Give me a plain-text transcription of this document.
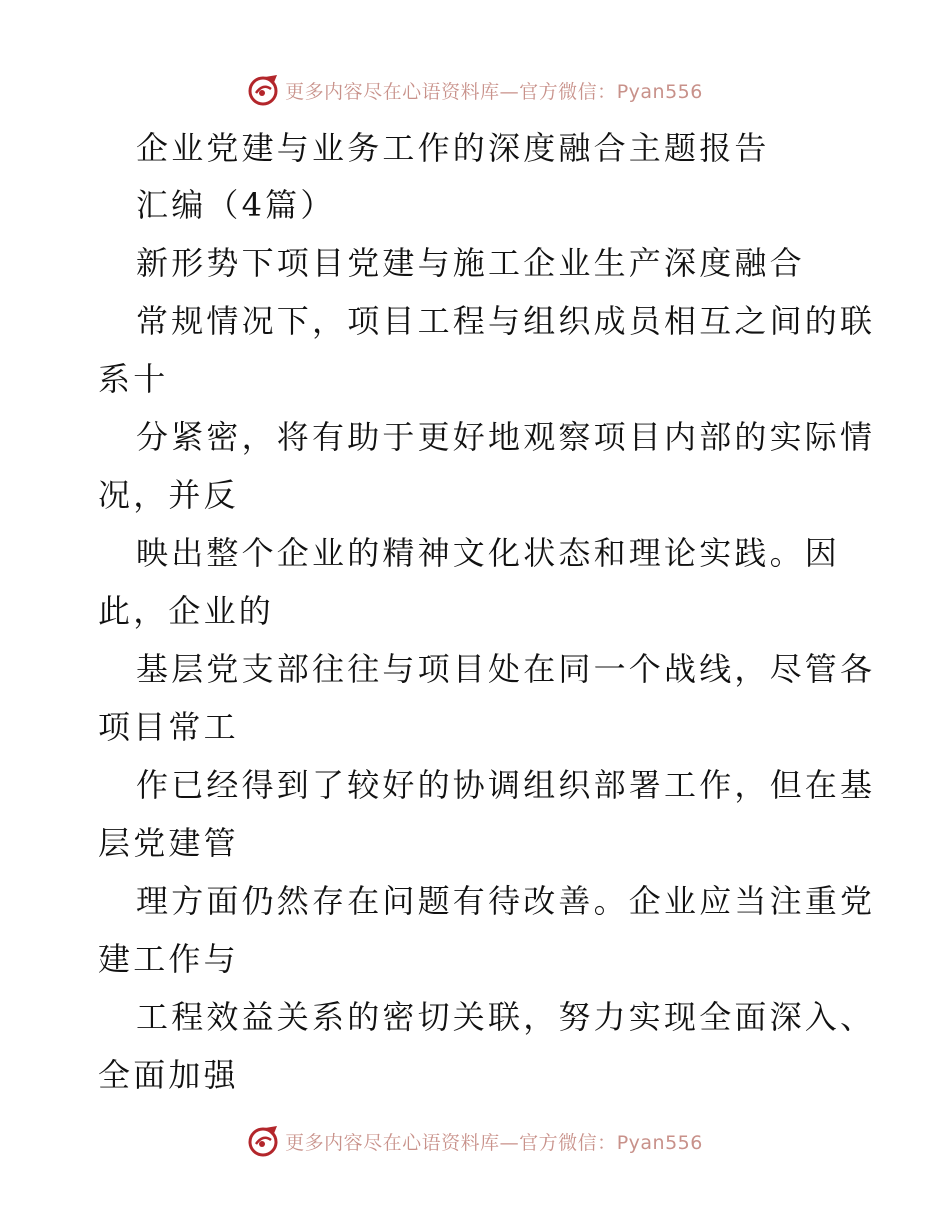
更多内容尽在心语资料库—官方微信：Pyan556
企业党建与业务工作的深度融合主题报告
汇编（4篇）
新形势下项目党建与施工企业生产深度融合
常规情况下，项目工程与组织成员相互之间的联
系十
分紧密，将有助于更好地观察项目内部的实际情
况，并反
映出整个企业的精神文化状态和理论实践。因
此，企业的
基层党支部往往与项目处在同一个战线，尽管各
项目常工
作已经得到了较好的协调组织部署工作，但在基
层党建管
理方面仍然存在问题有待改善。企业应当注重党
建工作与
工程效益关系的密切关联，努力实现全面深入、
全面加强
更多内容尽在心语资料库—官方微信：Pyan556
